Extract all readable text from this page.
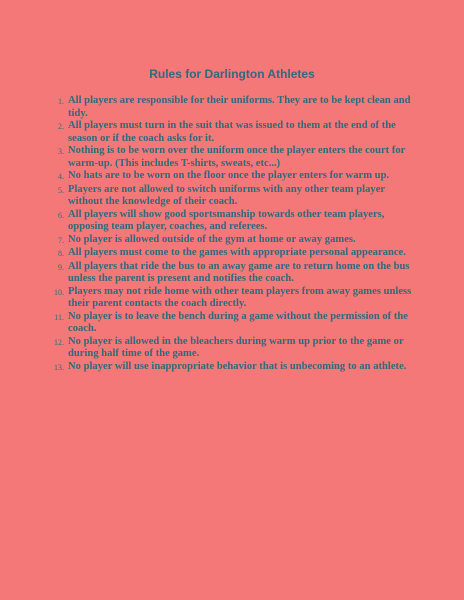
Rules for Darlington Athletes
1. All players are responsible for their uniforms. They are to be kept clean and tidy.
2. All players must turn in the suit that was issued to them at the end of the season or if the coach asks for it.
3. Nothing is to be worn over the uniform once the player enters the court for warm-up. (This includes T-shirts, sweats, etc...)
4. No hats are to be worn on the floor once the player enters for warm up.
5. Players are not allowed to switch uniforms with any other team player without the knowledge of their coach.
6. All players will show good sportsmanship towards other team players, opposing team player, coaches, and referees.
7. No player is allowed outside of the gym at home or away games.
8. All players must come to the games with appropriate personal appearance.
9. All players that ride the bus to an away game are to return home on the bus unless the parent is present and notifies the coach.
10. Players may not ride home with other team players from away games unless their parent contacts the coach directly.
11. No player is to leave the bench during a game without the permission of the coach.
12. No player is allowed in the bleachers during warm up prior to the game or during half time of the game.
13. No player will use inappropriate behavior that is unbecoming to an athlete.
